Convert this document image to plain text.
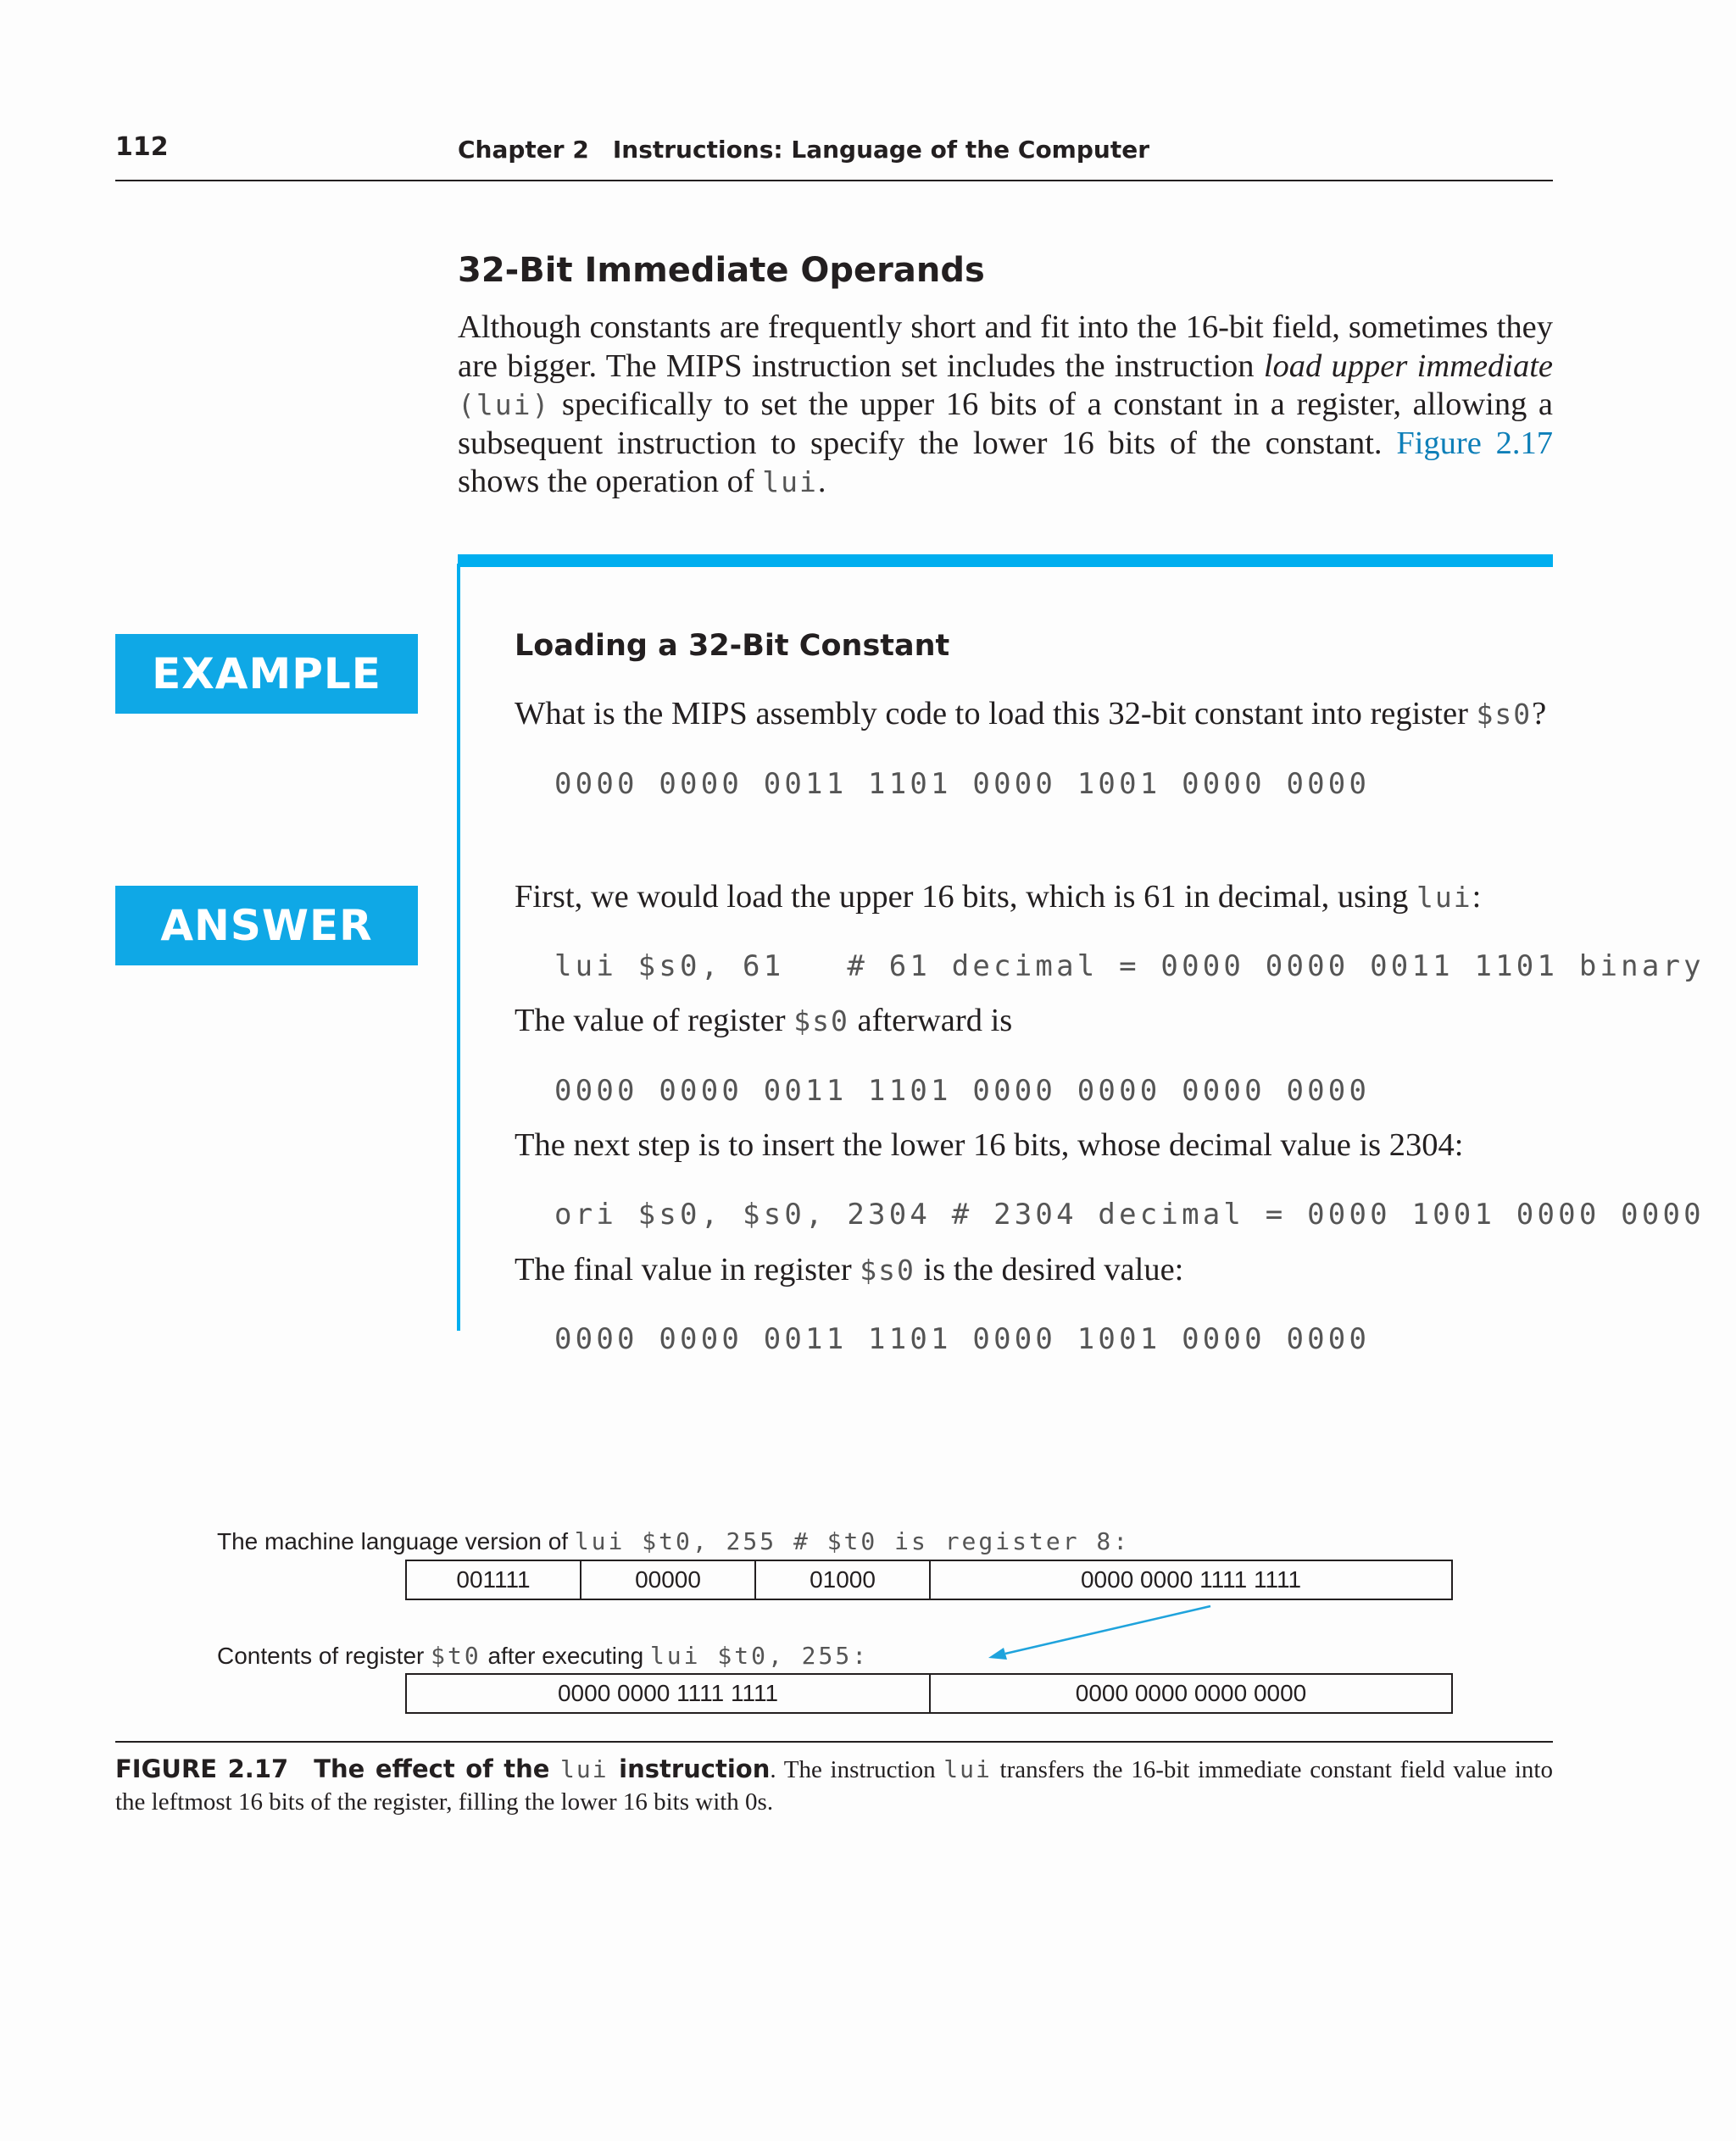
112	Chapter 2 Instructions: Language of the Computer
32-Bit Immediate Operands
Although constants are frequently short and fit into the 16-bit field, sometimes they are bigger. The MIPS instruction set includes the instruction load upper immediate (lui) specifically to set the upper 16 bits of a constant in a register, allowing a subsequent instruction to specify the lower 16 bits of the constant. Figure 2.17 shows the operation of lui.
EXAMPLE
ANSWER
Loading a 32-Bit Constant
What is the MIPS assembly code to load this 32-bit constant into register $s0?
0000 0000 0011 1101 0000 1001 0000 0000
First, we would load the upper 16 bits, which is 61 in decimal, using lui:
lui $s0, 61   # 61 decimal = 0000 0000 0011 1101 binary
The value of register $s0 afterward is
0000 0000 0011 1101 0000 0000 0000 0000
The next step is to insert the lower 16 bits, whose decimal value is 2304:
ori $s0, $s0, 2304 # 2304 decimal = 0000 1001 0000 0000
The final value in register $s0 is the desired value:
0000 0000 0011 1101 0000 1001 0000 0000
The machine language version of lui $t0, 255 # $t0 is register 8:
001111	00000	01000	0000 0000 1111 1111
Contents of register $t0 after executing lui $t0, 255:
0000 0000 1111 1111	0000 0000 0000 0000
FIGURE 2.17 The effect of the lui instruction. The instruction lui transfers the 16-bit immediate constant field value into the leftmost 16 bits of the register, filling the lower 16 bits with 0s.
